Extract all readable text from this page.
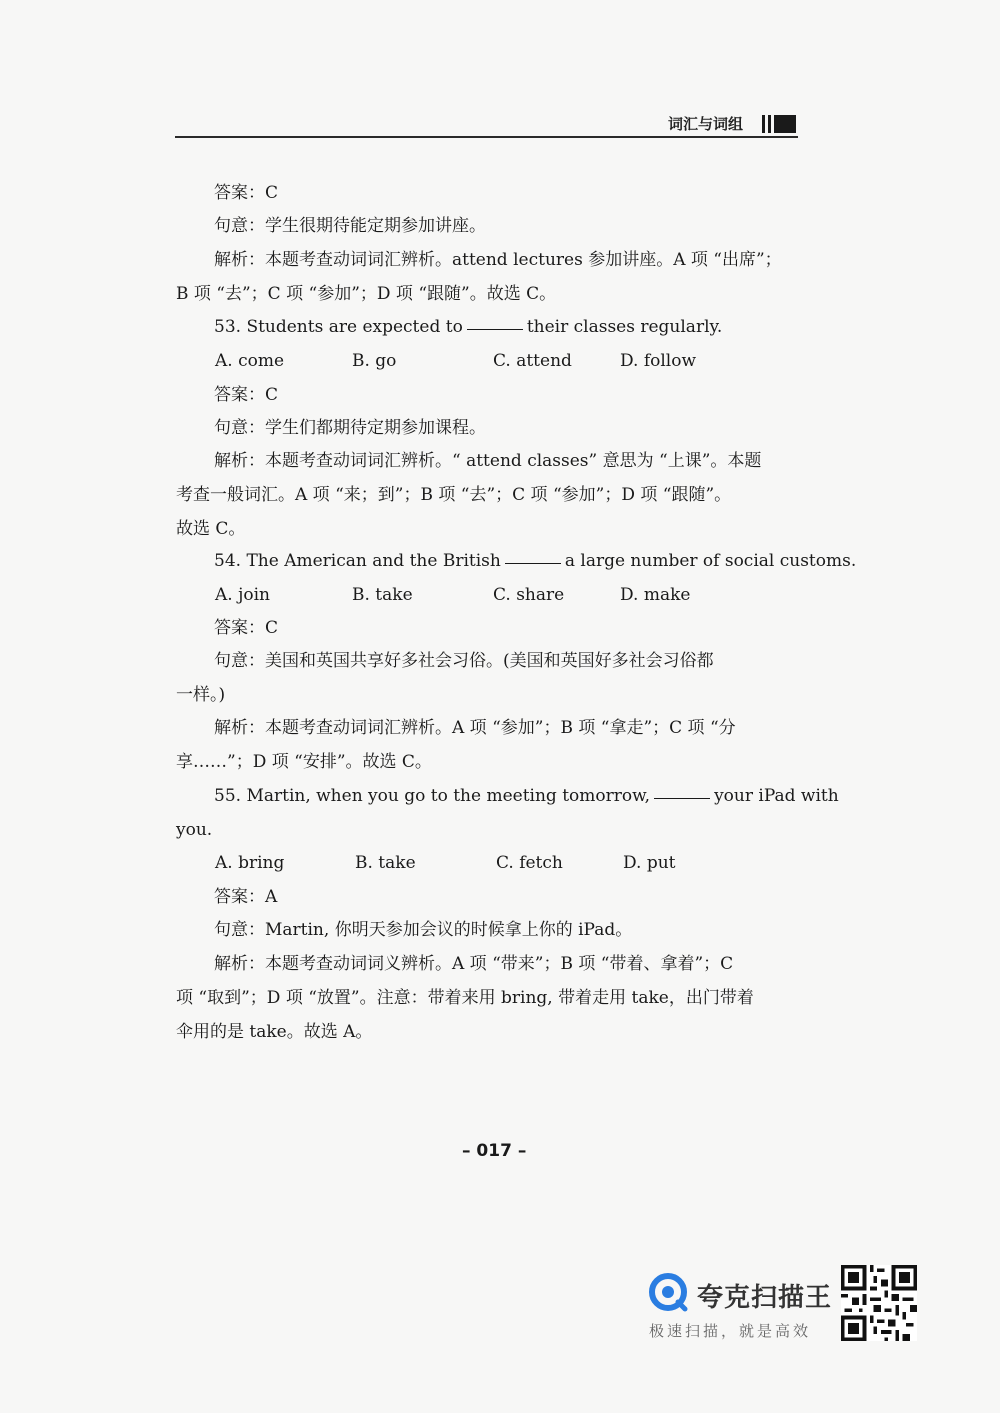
词汇与词组
答案：C
句意：学生很期待能定期参加讲座。
解析：本题考查动词词汇辨析。attend lectures 参加讲座。A 项 “出席”；
B 项 “去”；C 项 “参加”；D 项 “跟随”。故选 C。
53. Students are expected to	their classes regularly.
A. come	B. go	C. attend	D. follow
答案：C
句意：学生们都期待定期参加课程。
解析：本题考查动词词汇辨析。“ attend classes” 意思为 “上课”。本题
考查一般词汇。A 项 “来；到”；B 项 “去”；C 项 “参加”；D 项 “跟随”。
故选 C。
54. The American and the British	a large number of social customs.
A. join	B. take	C. share	D. make
答案：C
句意：美国和英国共享好多社会习俗。(美国和英国好多社会习俗都
一样。)
解析：本题考查动词词汇辨析。A 项 “参加”；B 项 “拿走”；C 项 “分
享……”；D 项 “安排”。故选 C。
55. Martin, when you go to the meeting tomorrow,	your iPad with
you.
A. bring	B. take	C. fetch	D. put
答案：A
句意：Martin, 你明天参加会议的时候拿上你的 iPad。
解析：本题考查动词词义辨析。A 项 “带来”；B 项 “带着、拿着”；C
项 “取到”；D 项 “放置”。注意：带着来用 bring, 带着走用 take，出门带着
伞用的是 take。故选 A。
– 017 –
夸克扫描王
极速扫描，就是高效
